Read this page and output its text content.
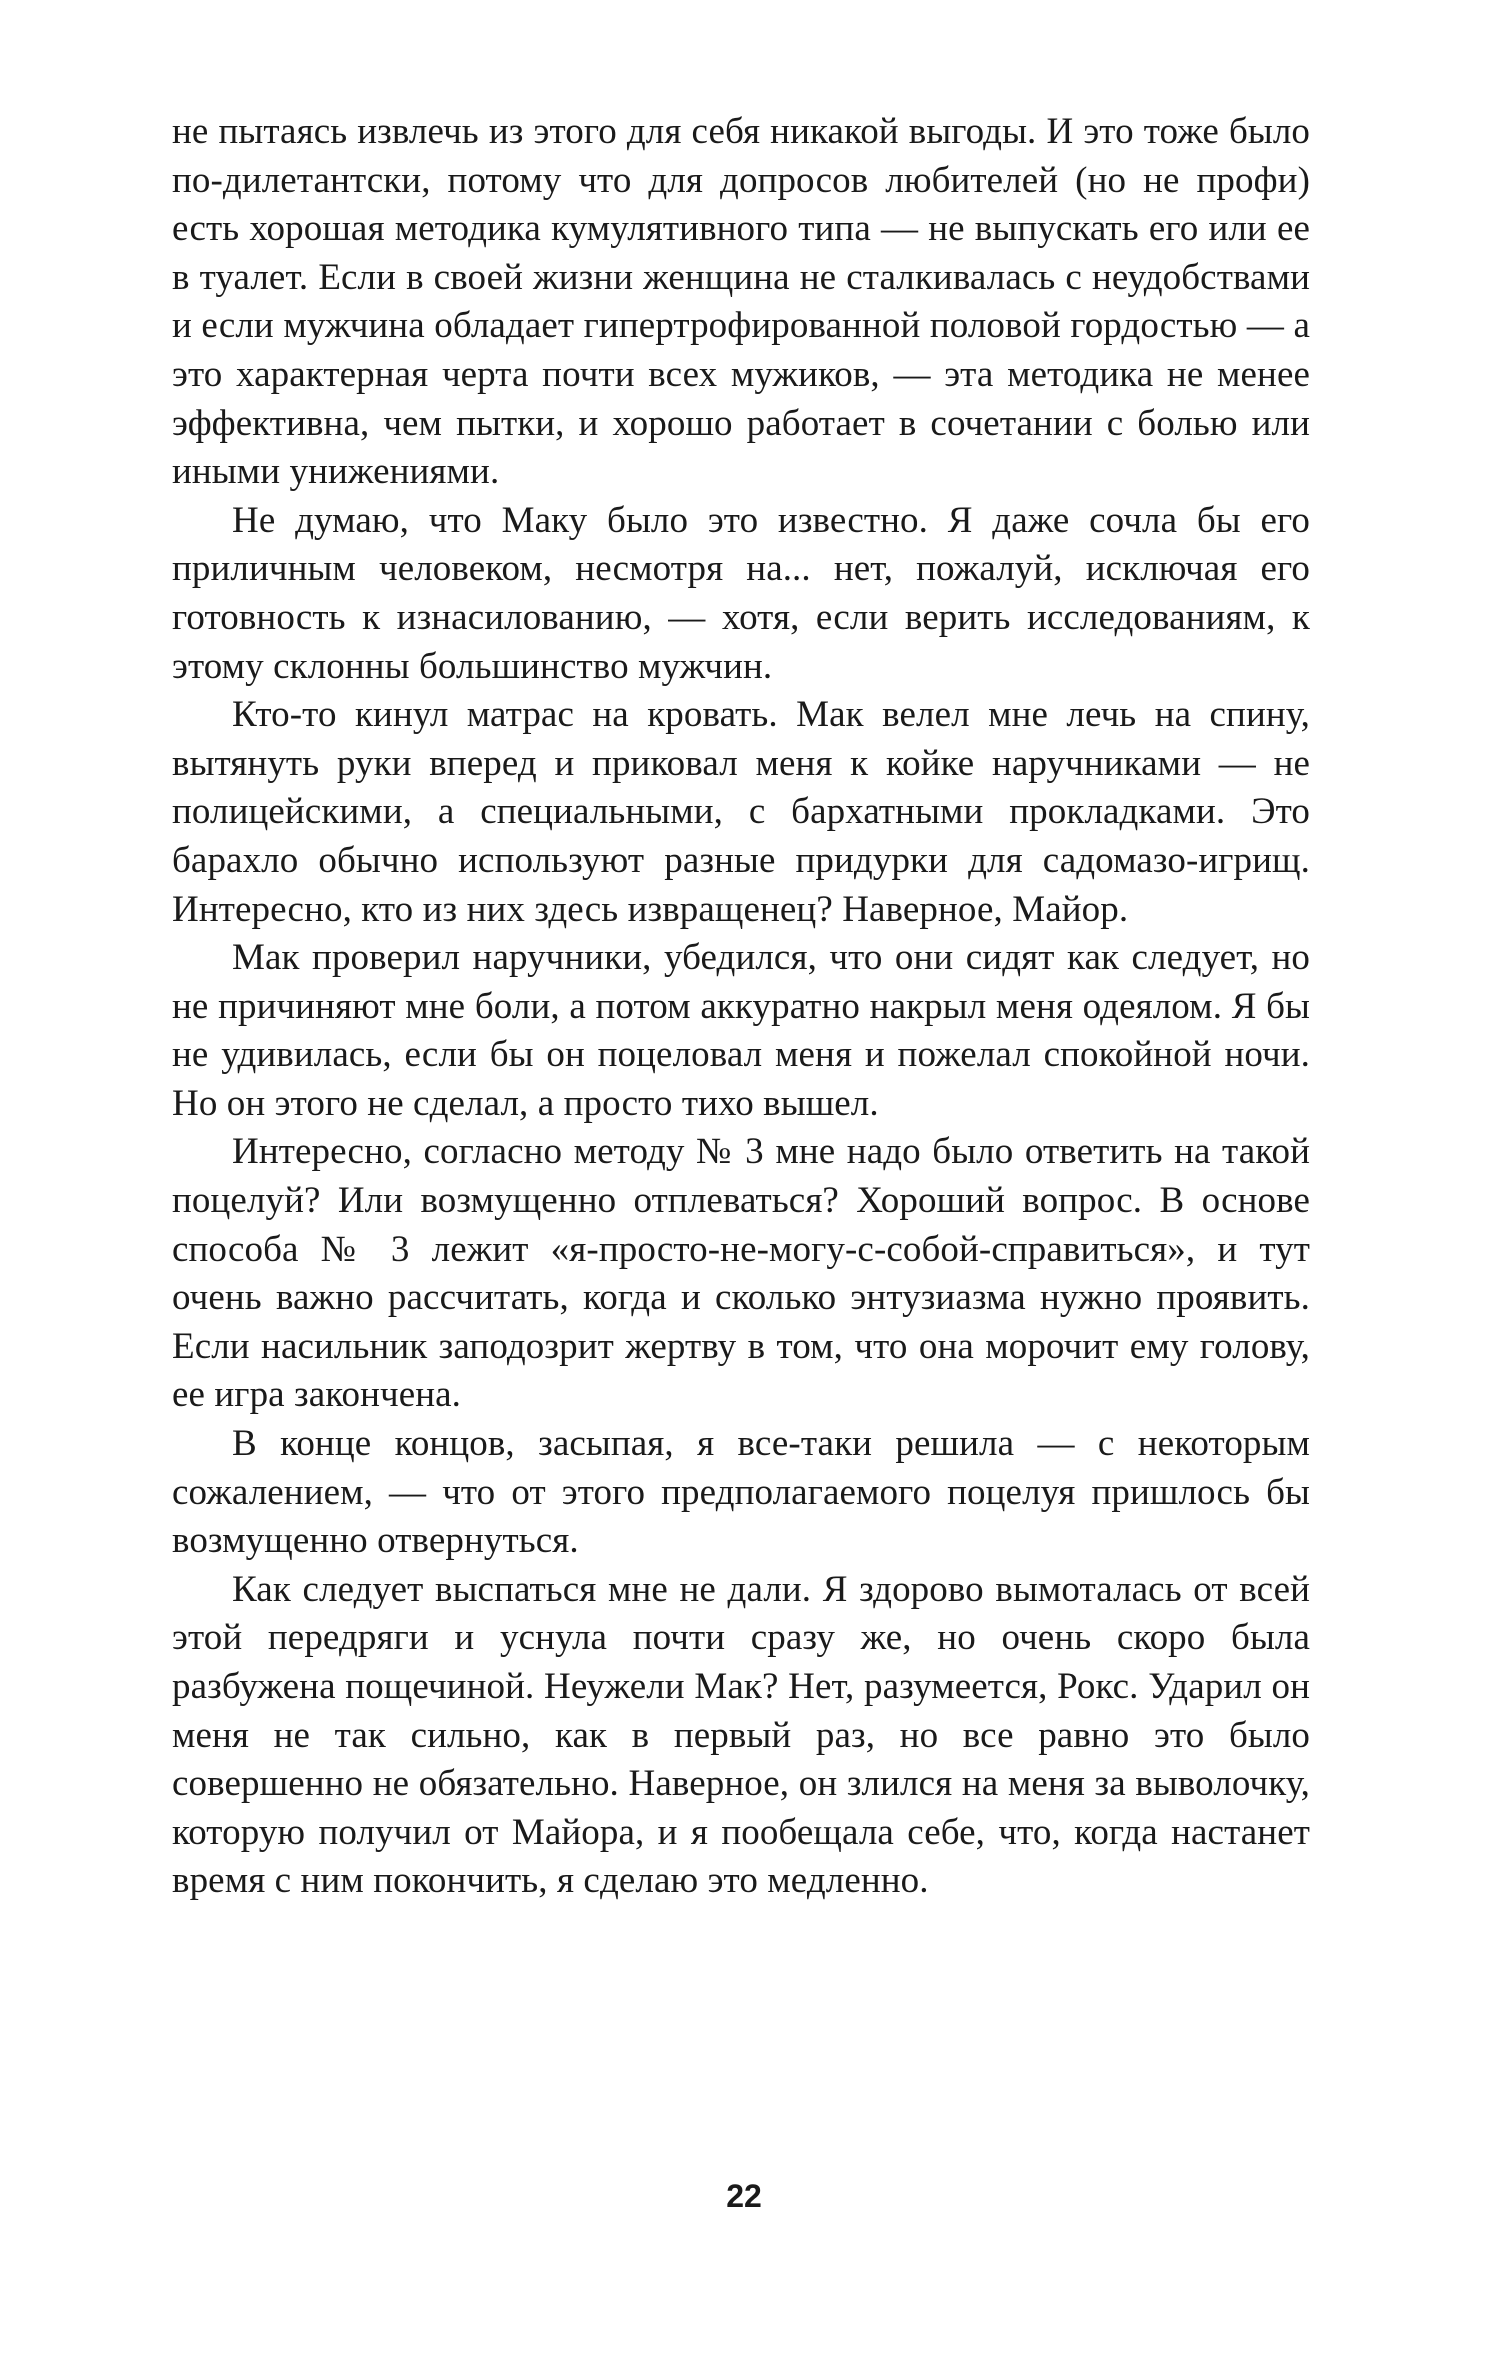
не пытаясь извлечь из этого для себя никакой выгоды. И это тоже было по-дилетантски, потому что для допросов любителей (но не профи) есть хорошая методика кумулятивного типа — не выпускать его или ее в туалет. Если в своей жизни женщина не сталкивалась с неудобствами и если мужчина обладает гипертрофированной половой гордостью — а это характерная черта почти всех мужиков, — эта методика не менее эффективна, чем пытки, и хорошо работает в сочетании с болью или иными унижениями.

Не думаю, что Маку было это известно. Я даже сочла бы его приличным человеком, несмотря на... нет, пожалуй, исключая его готовность к изнасилованию, — хотя, если верить исследованиям, к этому склонны большинство мужчин.

Кто-то кинул матрас на кровать. Мак велел мне лечь на спину, вытянуть руки вперед и приковал меня к койке наручниками — не полицейскими, а специальными, с бархатными прокладками. Это барахло обычно используют разные придурки для садомазо-игрищ. Интересно, кто из них здесь извращенец? Наверное, Майор.

Мак проверил наручники, убедился, что они сидят как следует, но не причиняют мне боли, а потом аккуратно накрыл меня одеялом. Я бы не удивилась, если бы он поцеловал меня и пожелал спокойной ночи. Но он этого не сделал, а просто тихо вышел.

Интересно, согласно методу № 3 мне надо было ответить на такой поцелуй? Или возмущенно отплеваться? Хороший вопрос. В основе способа № 3 лежит «я-просто-не-могу-с-собой-справиться», и тут очень важно рассчитать, когда и сколько энтузиазма нужно проявить. Если насильник заподозрит жертву в том, что она морочит ему голову, ее игра закончена.

В конце концов, засыпая, я все-таки решила — с некоторым сожалением, — что от этого предполагаемого поцелуя пришлось бы возмущенно отвернуться.

Как следует выспаться мне не дали. Я здорово вымоталась от всей этой передряги и уснула почти сразу же, но очень скоро была разбужена пощечиной. Неужели Мак? Нет, разумеется, Рокс. Ударил он меня не так сильно, как в первый раз, но все равно это было совершенно не обязательно. Наверное, он злился на меня за выволочку, которую получил от Майора, и я пообещала себе, что, когда настанет время с ним покончить, я сделаю это медленно.

22
